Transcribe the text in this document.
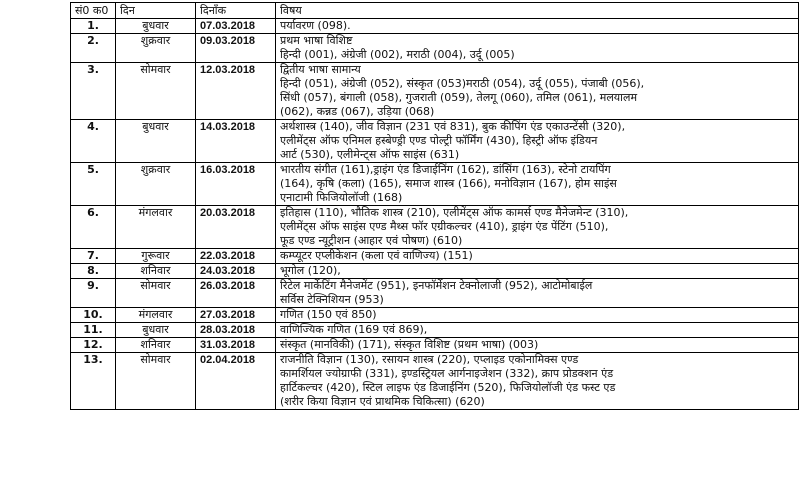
सं0 क0	दिन	दिनाँक	विषय
1.	बुधवार	07.03.2018	पर्यावरण (098).

2.	शुक्रवार	09.03.2018	प्रथम भाषा विशिष्ट
हिन्दी (001), अंग्रेजी (002), मराठी (004), उर्दू (005)

3.	सोमवार	12.03.2018	द्वितीय भाषा सामान्य
हिन्दी (051), अंग्रेजी (052), संस्कृत (053)मराठी (054), उर्दू (055), पंजाबी (056),
सिंधी (057), बंगाली (058), गुजराती (059), तेलगू (060), तमिल (061), मलयालम
(062), कन्नड (067), उड़िया (068)

4.	बुधवार	14.03.2018	अर्थशास्त्र (140), जीव विज्ञान (231 एवं 831), बुक कीपिंग एंड एकाउन्टेंसी (320),
एलीमेंट्स ऑफ एनिमल हस्बेण्ड्री एण्ड पोल्ट्री फॉर्मिंग (430), हिस्ट्री ऑफ इंडियन
आर्ट (530), एलीमेन्ट्स ऑफ साइंस (631)

5.	शुक्रवार	16.03.2018	भारतीय संगीत (161),ड्राइंग एंड डिजाईनिंग (162), डांसिंग (163), स्टेनो टायपिंग
(164), कृषि (कला) (165), समाज शास्त्र (166), मनोविज्ञान (167), होम साइंस
एनाटामी फिजियोलॉजी (168)

6.	मंगलवार	20.03.2018	इतिहास (110), भौतिक शास्त्र (210), एलीमेंट्स ऑफ कामर्स एण्ड मैनेजमेन्ट (310),
एलीमेंट्स ऑफ साइंस एण्ड मैथ्स फॉर एग्रीकल्चर (410), ड्राइंग एंड पेंटिंग (510),
फूड एण्ड न्यूट्रीशन (आहार एवं पोषण) (610)

7.	गुरूवार	22.03.2018	कम्प्यूटर एप्लीकेशन (कला एवं वाणिज्य) (151)

8.	शनिवार	24.03.2018	भूगोल (120),

9.	सोमवार	26.03.2018	रिटेल मार्केटिंग मैनेजमेंट (951), इनफॉर्मेशन टेक्नोलाजी (952), आटोमोबाईल
सर्विस टेक्निशियन (953)

10.	मंगलवार	27.03.2018	गणित (150 एवं 850)

11.	बुधवार	28.03.2018	वाणिज्यिक गणित (169 एवं 869),

12.	शनिवार	31.03.2018	संस्कृत (मानविकी) (171), संस्कृत विशिष्ट (प्रथम भाषा) (003)

13.	सोमवार	02.04.2018	राजनीति विज्ञान (130), रसायन शास्त्र (220), एप्लाइड एकोनामिक्स एण्ड
कामर्शियल ज्योग्राफी (331), इण्डस्ट्रियल आर्गनाइजेशन (332), क्राप प्रोडक्शन एंड
हार्टिकल्चर (420), स्टिल लाइफ एंड डिजाईनिंग (520), फिजियोलॉजी एंड फस्ट एड
(शरीर किया विज्ञान एवं प्राथमिक चिकित्सा) (620)
